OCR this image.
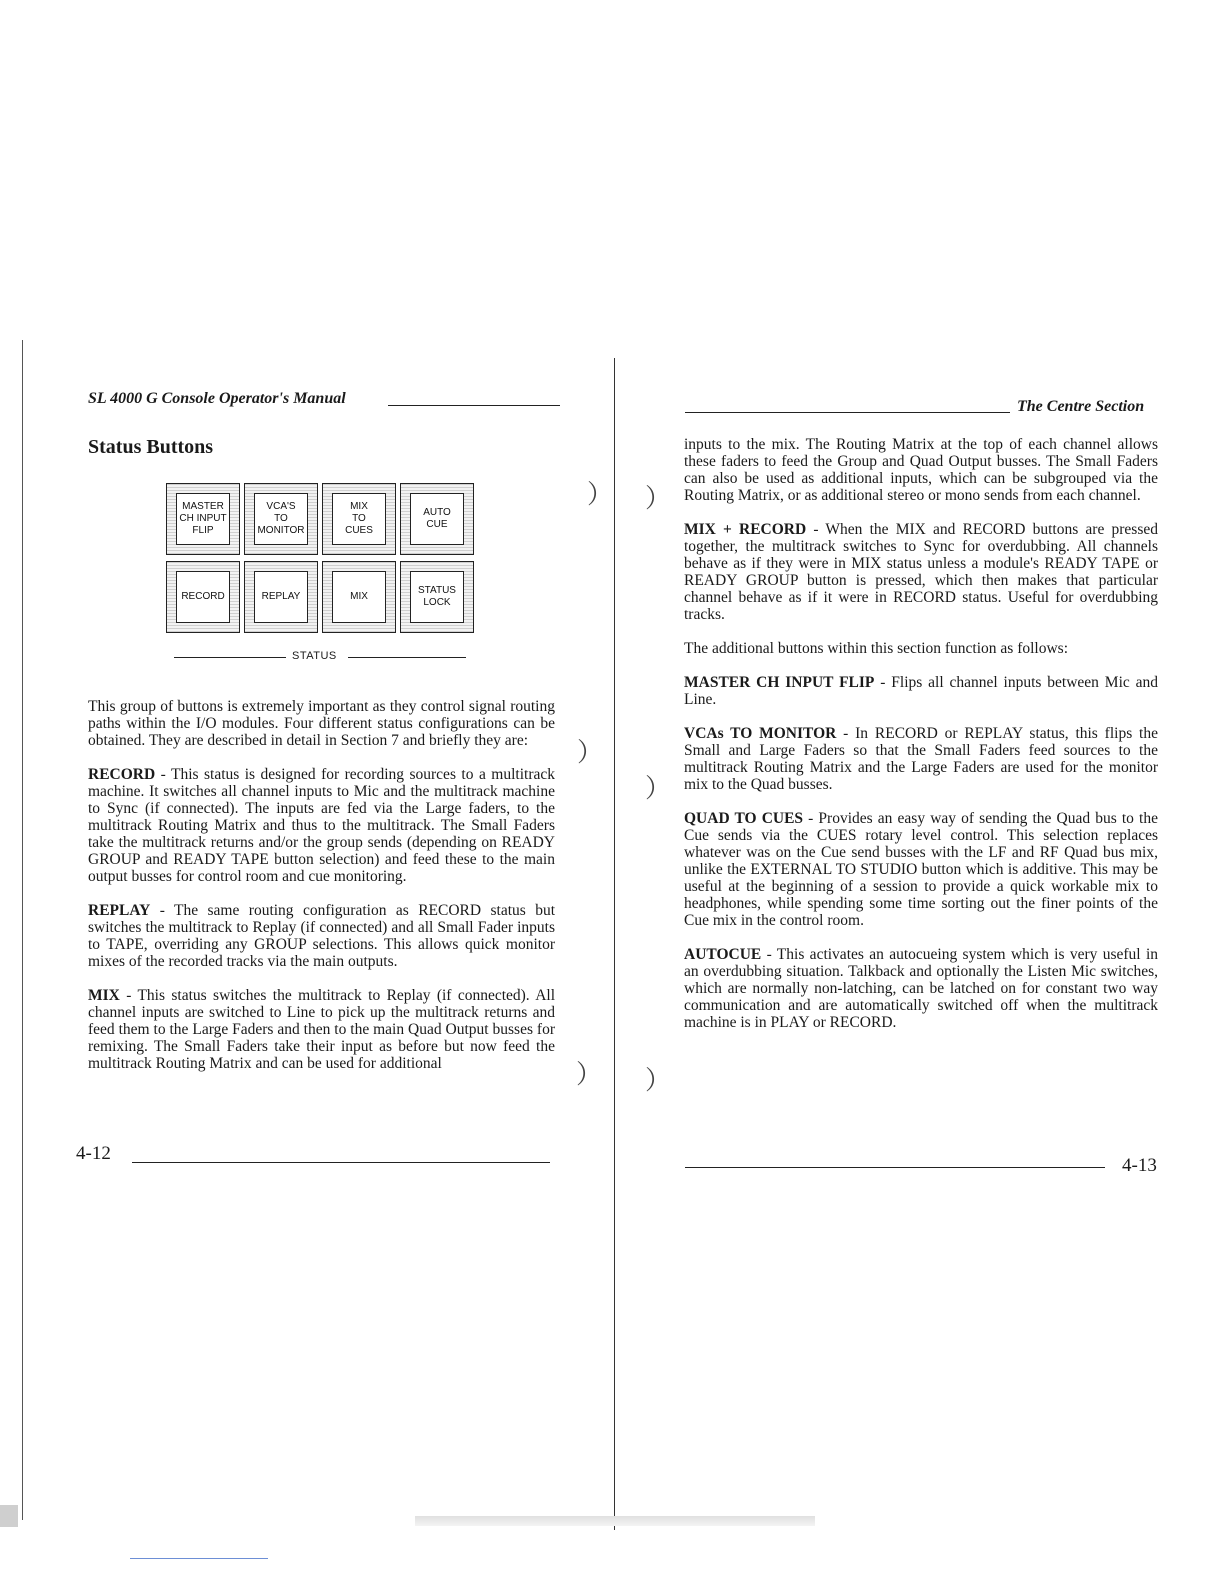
SL 4000 G Console Operator's Manual
Status Buttons
MASTER
CH INPUT
FLIP
VCA'S
TO
MONITOR
MIX
TO
CUES
AUTO
CUE
RECORD	REPLAY	MIX
STATUS
LOCK
STATUS

This group of buttons is extremely important as they control signal routing paths within the I/O modules. Four different status configurations can be obtained. They are described in detail in Section 7 and briefly they are:

RECORD - This status is designed for recording sources to a multitrack machine. It switches all channel inputs to Mic and the multitrack machine to Sync (if connected). The inputs are fed via the Large faders, to the multitrack Routing Matrix and thus to the multitrack. The Small Faders take the multitrack returns and/or the group sends (depending on READY GROUP and READY TAPE button selection) and feed these to the main output busses for control room and cue monitoring.

REPLAY - The same routing configuration as RECORD status but switches the multitrack to Replay (if connected) and all Small Fader inputs to TAPE, overriding any GROUP selections. This allows quick monitor mixes of the recorded tracks via the main outputs.

MIX - This status switches the multitrack to Replay (if connected). All channel inputs are switched to Line to pick up the multitrack returns and feed them to the Large Faders and then to the main Quad Output busses for remixing. The Small Faders take their input as before but now feed the multitrack Routing Matrix and can be used for additional

4-12
） ）
）
）
） ）
The Centre Section

inputs to the mix. The Routing Matrix at the top of each channel allows these faders to feed the Group and Quad Output busses. The Small Faders can also be used as additional inputs, which can be subgrouped via the Routing Matrix, or as additional stereo or mono sends from each channel.

MIX + RECORD - When the MIX and RECORD buttons are pressed together, the multitrack switches to Sync for overdubbing. All channels behave as if they were in MIX status unless a module's READY TAPE or READY GROUP button is pressed, which then makes that particular channel behave as if it were in RECORD status. Useful for overdubbing tracks.

The additional buttons within this section function as follows:

MASTER CH INPUT FLIP - Flips all channel inputs between Mic and Line.

VCAs TO MONITOR - In RECORD or REPLAY status, this flips the Small and Large Faders so that the Small Faders feed sources to the multitrack Routing Matrix and the Large Faders are used for the monitor mix to the Quad busses.

QUAD TO CUES - Provides an easy way of sending the Quad bus to the Cue sends via the CUES rotary level control. This selection replaces whatever was on the Cue send busses with the LF and RF Quad bus mix, unlike the EXTERNAL TO STUDIO button which is additive. This may be useful at the beginning of a session to provide a quick workable mix to headphones, while spending some time sorting out the finer points of the Cue mix in the control room.

AUTOCUE - This activates an autocueing system which is very useful in an overdubbing situation. Talkback and optionally the Listen Mic switches, which are normally non-latching, can be latched on for constant two way communication and are automatically switched off when the multitrack machine is in PLAY or RECORD.

4-13
